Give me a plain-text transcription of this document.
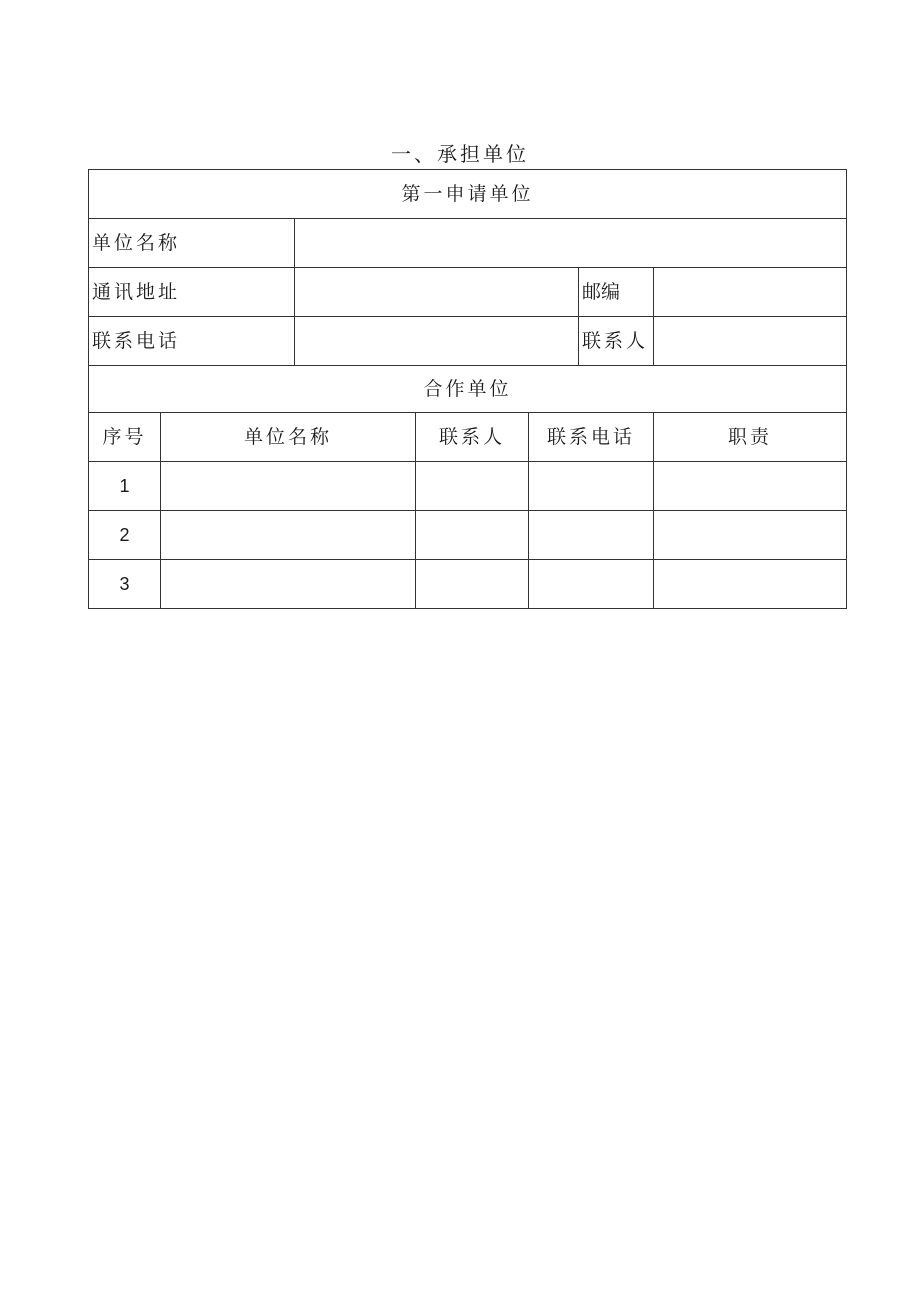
一、承担单位
第一申请单位						
单位名称						
通讯地址					邮编	
联系电话					联系人	
合作单位						
序号	单位名称		联系人	联系电话		职责
1						
2						
3						
